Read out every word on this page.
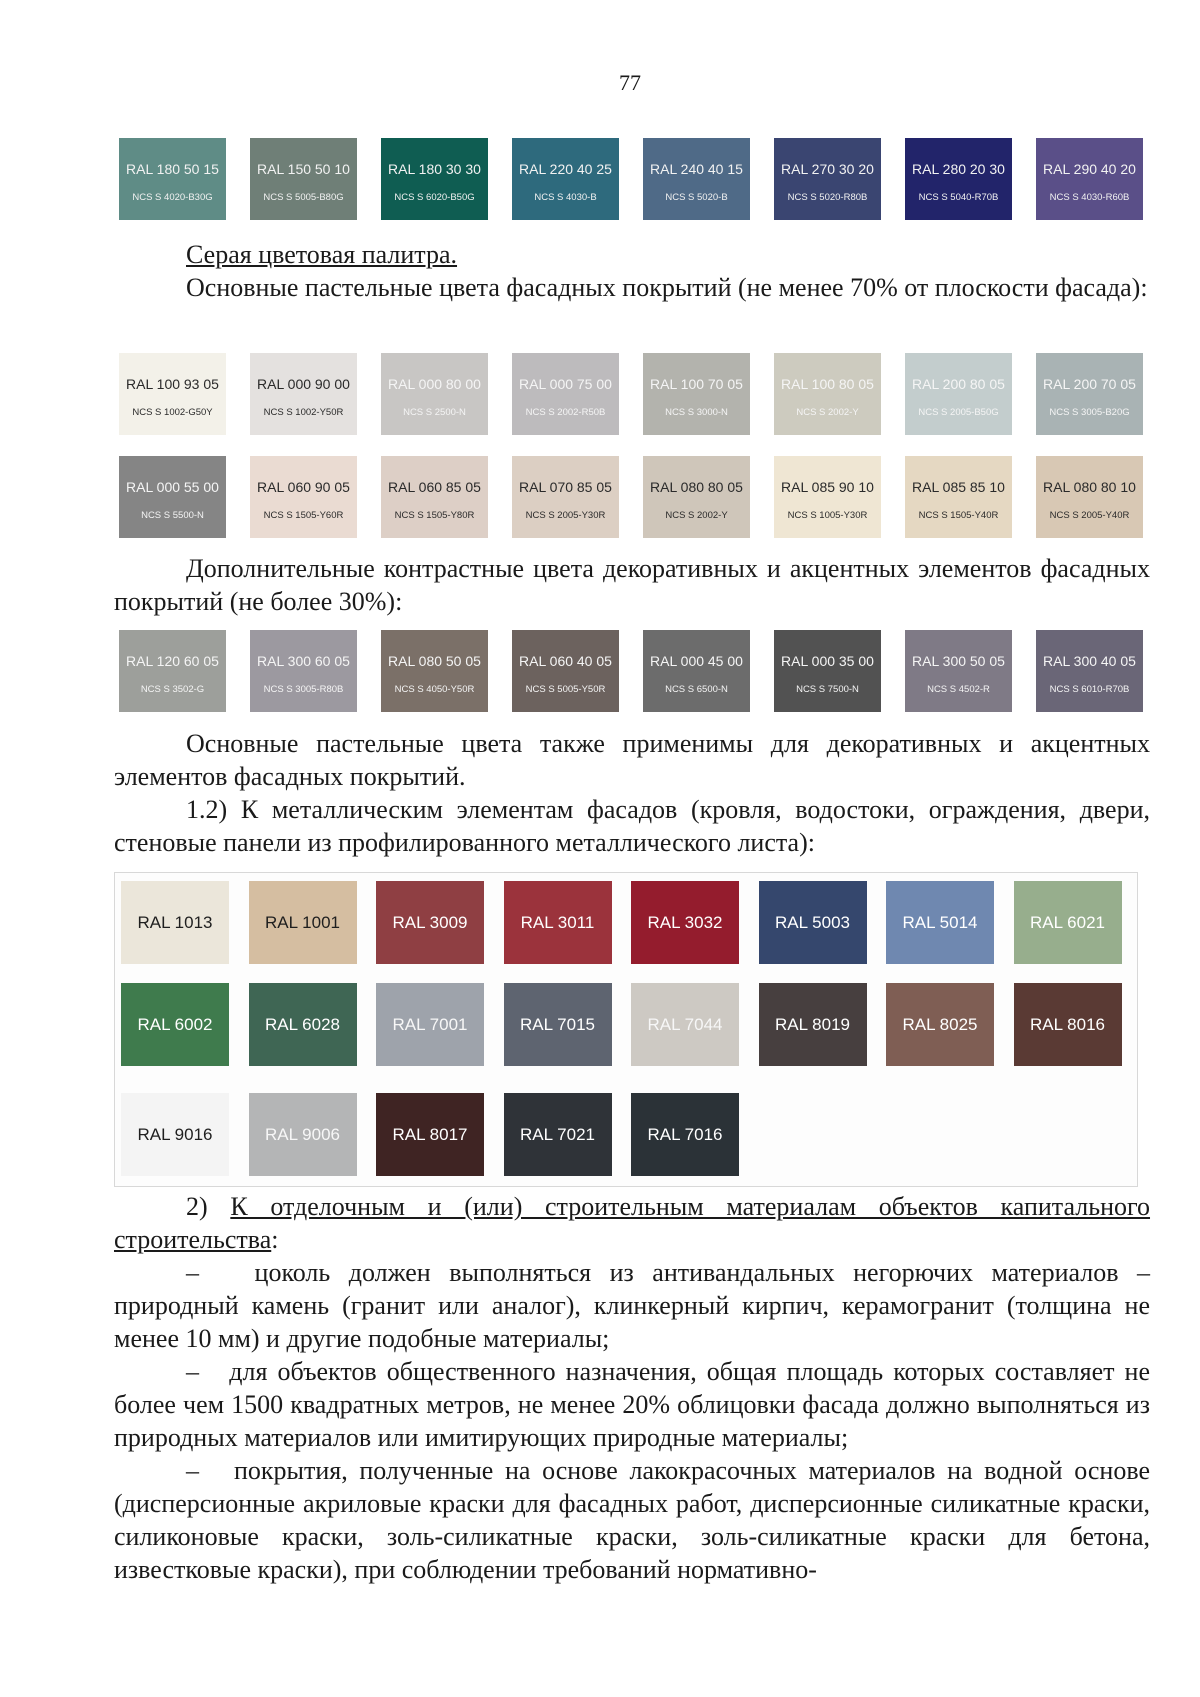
77
RAL 180 50 15
NCS S 4020-B30G
RAL 150 50 10
NCS S 5005-B80G
RAL 180 30 30
NCS S 6020-B50G
RAL 220 40 25
NCS S 4030-B
RAL 240 40 15
NCS S 5020-B
RAL 270 30 20
NCS S 5020-R80B
RAL 280 20 30
NCS S 5040-R70B
RAL 290 40 20
NCS S 4030-R60B

Серая цветовая палитра.

Основные пастельные цвета фасадных покрытий (не менее 70% от плоскости фасада):

RAL 100 93 05
NCS S 1002-G50Y
RAL 000 90 00
NCS S 1002-Y50R
RAL 000 80 00
NCS S 2500-N
RAL 000 75 00
NCS S 2002-R50B
RAL 100 70 05
NCS S 3000-N
RAL 100 80 05
NCS S 2002-Y
RAL 200 80 05
NCS S 2005-B50G
RAL 200 70 05
NCS S 3005-B20G
RAL 000 55 00
NCS S 5500-N
RAL 060 90 05
NCS S 1505-Y60R
RAL 060 85 05
NCS S 1505-Y80R
RAL 070 85 05
NCS S 2005-Y30R
RAL 080 80 05
NCS S 2002-Y
RAL 085 90 10
NCS S 1005-Y30R
RAL 085 85 10
NCS S 1505-Y40R
RAL 080 80 10
NCS S 2005-Y40R

Дополнительные контрастные цвета декоративных и акцентных элементов фасадных покрытий (не более 30%):

RAL 120 60 05
NCS S 3502-G
RAL 300 60 05
NCS S 3005-R80B
RAL 080 50 05
NCS S 4050-Y50R
RAL 060 40 05
NCS S 5005-Y50R
RAL 000 45 00
NCS S 6500-N
RAL 000 35 00
NCS S 7500-N
RAL 300 50 05
NCS S 4502-R
RAL 300 40 05
NCS S 6010-R70B

Основные пастельные цвета также применимы для декоративных и акцентных элементов фасадных покрытий.

1.2) К металлическим элементам фасадов (кровля, водостоки, ограждения, двери, стеновые панели из профилированного металлического листа):

RAL 1013	RAL 1001	RAL 3009	RAL 3011	RAL 3032	RAL 5003	RAL 5014	RAL 6021
RAL 6002	RAL 6028	RAL 7001	RAL 7015	RAL 7044	RAL 8019	RAL 8025	RAL 8016
RAL 9016	RAL 9006	RAL 8017	RAL 7021	RAL 7016

2) К отделочным и (или) строительным материалам объектов капитального строительства:

–   цоколь должен выполняться из антивандальных негорючих материалов – природный камень (гранит или аналог), клинкерный кирпич, керамогранит (толщина не менее 10 мм) и другие подобные материалы;

–   для объектов общественного назначения, общая площадь которых составляет не более чем 1500 квадратных метров, не менее 20% облицовки фасада должно выполняться из природных материалов или имитирующих природные материалы;

–   покрытия, полученные на основе лакокрасочных материалов на водной основе (дисперсионные акриловые краски для фасадных работ, дисперсионные силикатные краски, силиконовые краски, золь-силикатные краски, золь-силикатные краски для бетона, известковые краски), при соблюдении требований нормативно-
